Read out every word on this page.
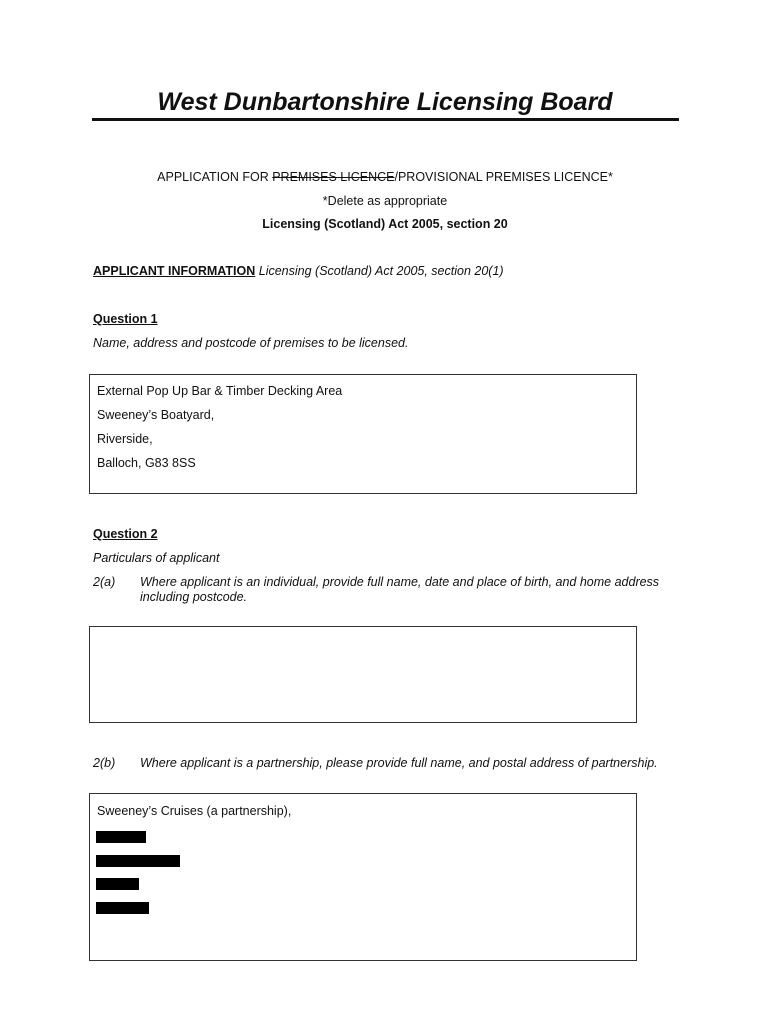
West Dunbartonshire Licensing Board
APPLICATION FOR PREMISES LICENCE/PROVISIONAL PREMISES LICENCE*
*Delete as appropriate
Licensing (Scotland) Act 2005, section 20
APPLICANT INFORMATION Licensing (Scotland) Act 2005, section 20(1)
Question 1
Name, address and postcode of premises to be licensed.
External Pop Up Bar & Timber Decking Area
Sweeney’s Boatyard,
Riverside,
Balloch, G83 8SS
Question 2
Particulars of applicant
2(a) Where applicant is an individual, provide full name, date and place of birth, and home address including postcode.
2(b) Where applicant is a partnership, please provide full name, and postal address of partnership.
Sweeney’s Cruises (a partnership),
